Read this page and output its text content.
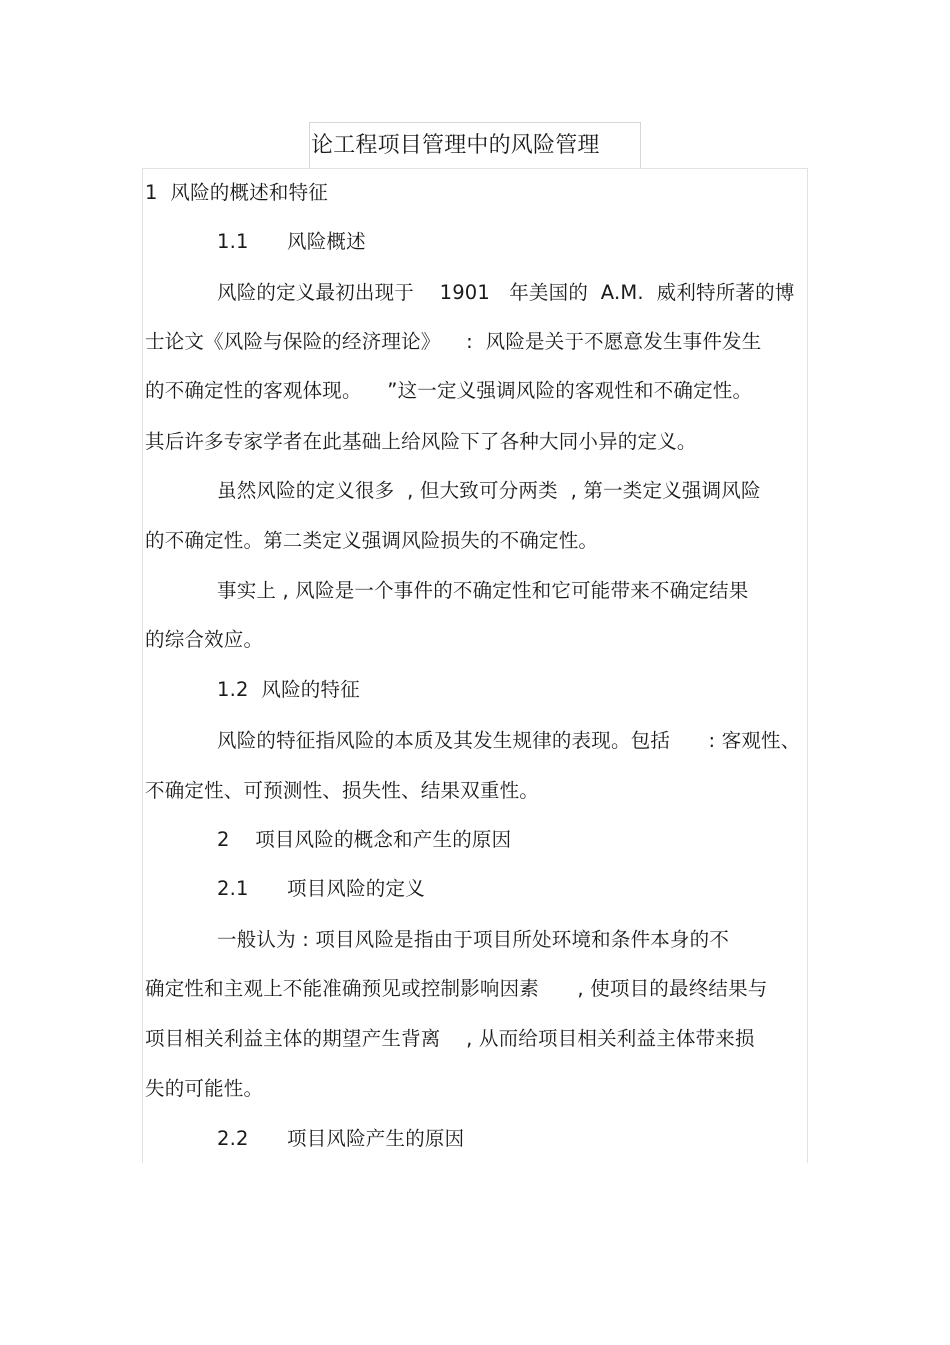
论工程项目管理中的风险管理
1  风险的概述和特征
1.1      风险概述
风险的定义最初出现于    1901   年美国的  A.M.  威利特所著的博
士论文《风险与保险的经济理论》    :  风险是关于不愿意发生事件发生
的不确定性的客观体现。    ”这一定义强调风险的客观性和不确定性。
其后许多专家学者在此基础上给风险下了各种大同小异的定义。
虽然风险的定义很多  , 但大致可分两类  , 第一类定义强调风险
的不确定性。第二类定义强调风险损失的不确定性。
事实上 , 风险是一个事件的不确定性和它可能带来不确定结果
的综合效应。
1.2  风险的特征
风险的特征指风险的本质及其发生规律的表现。包括      : 客观性、
不确定性、可预测性、损失性、结果双重性。
2    项目风险的概念和产生的原因
2.1      项目风险的定义
一般认为 : 项目风险是指由于项目所处环境和条件本身的不
确定性和主观上不能准确预见或控制影响因素      , 使项目的最终结果与
项目相关利益主体的期望产生背离    , 从而给项目相关利益主体带来损
失的可能性。
2.2      项目风险产生的原因
